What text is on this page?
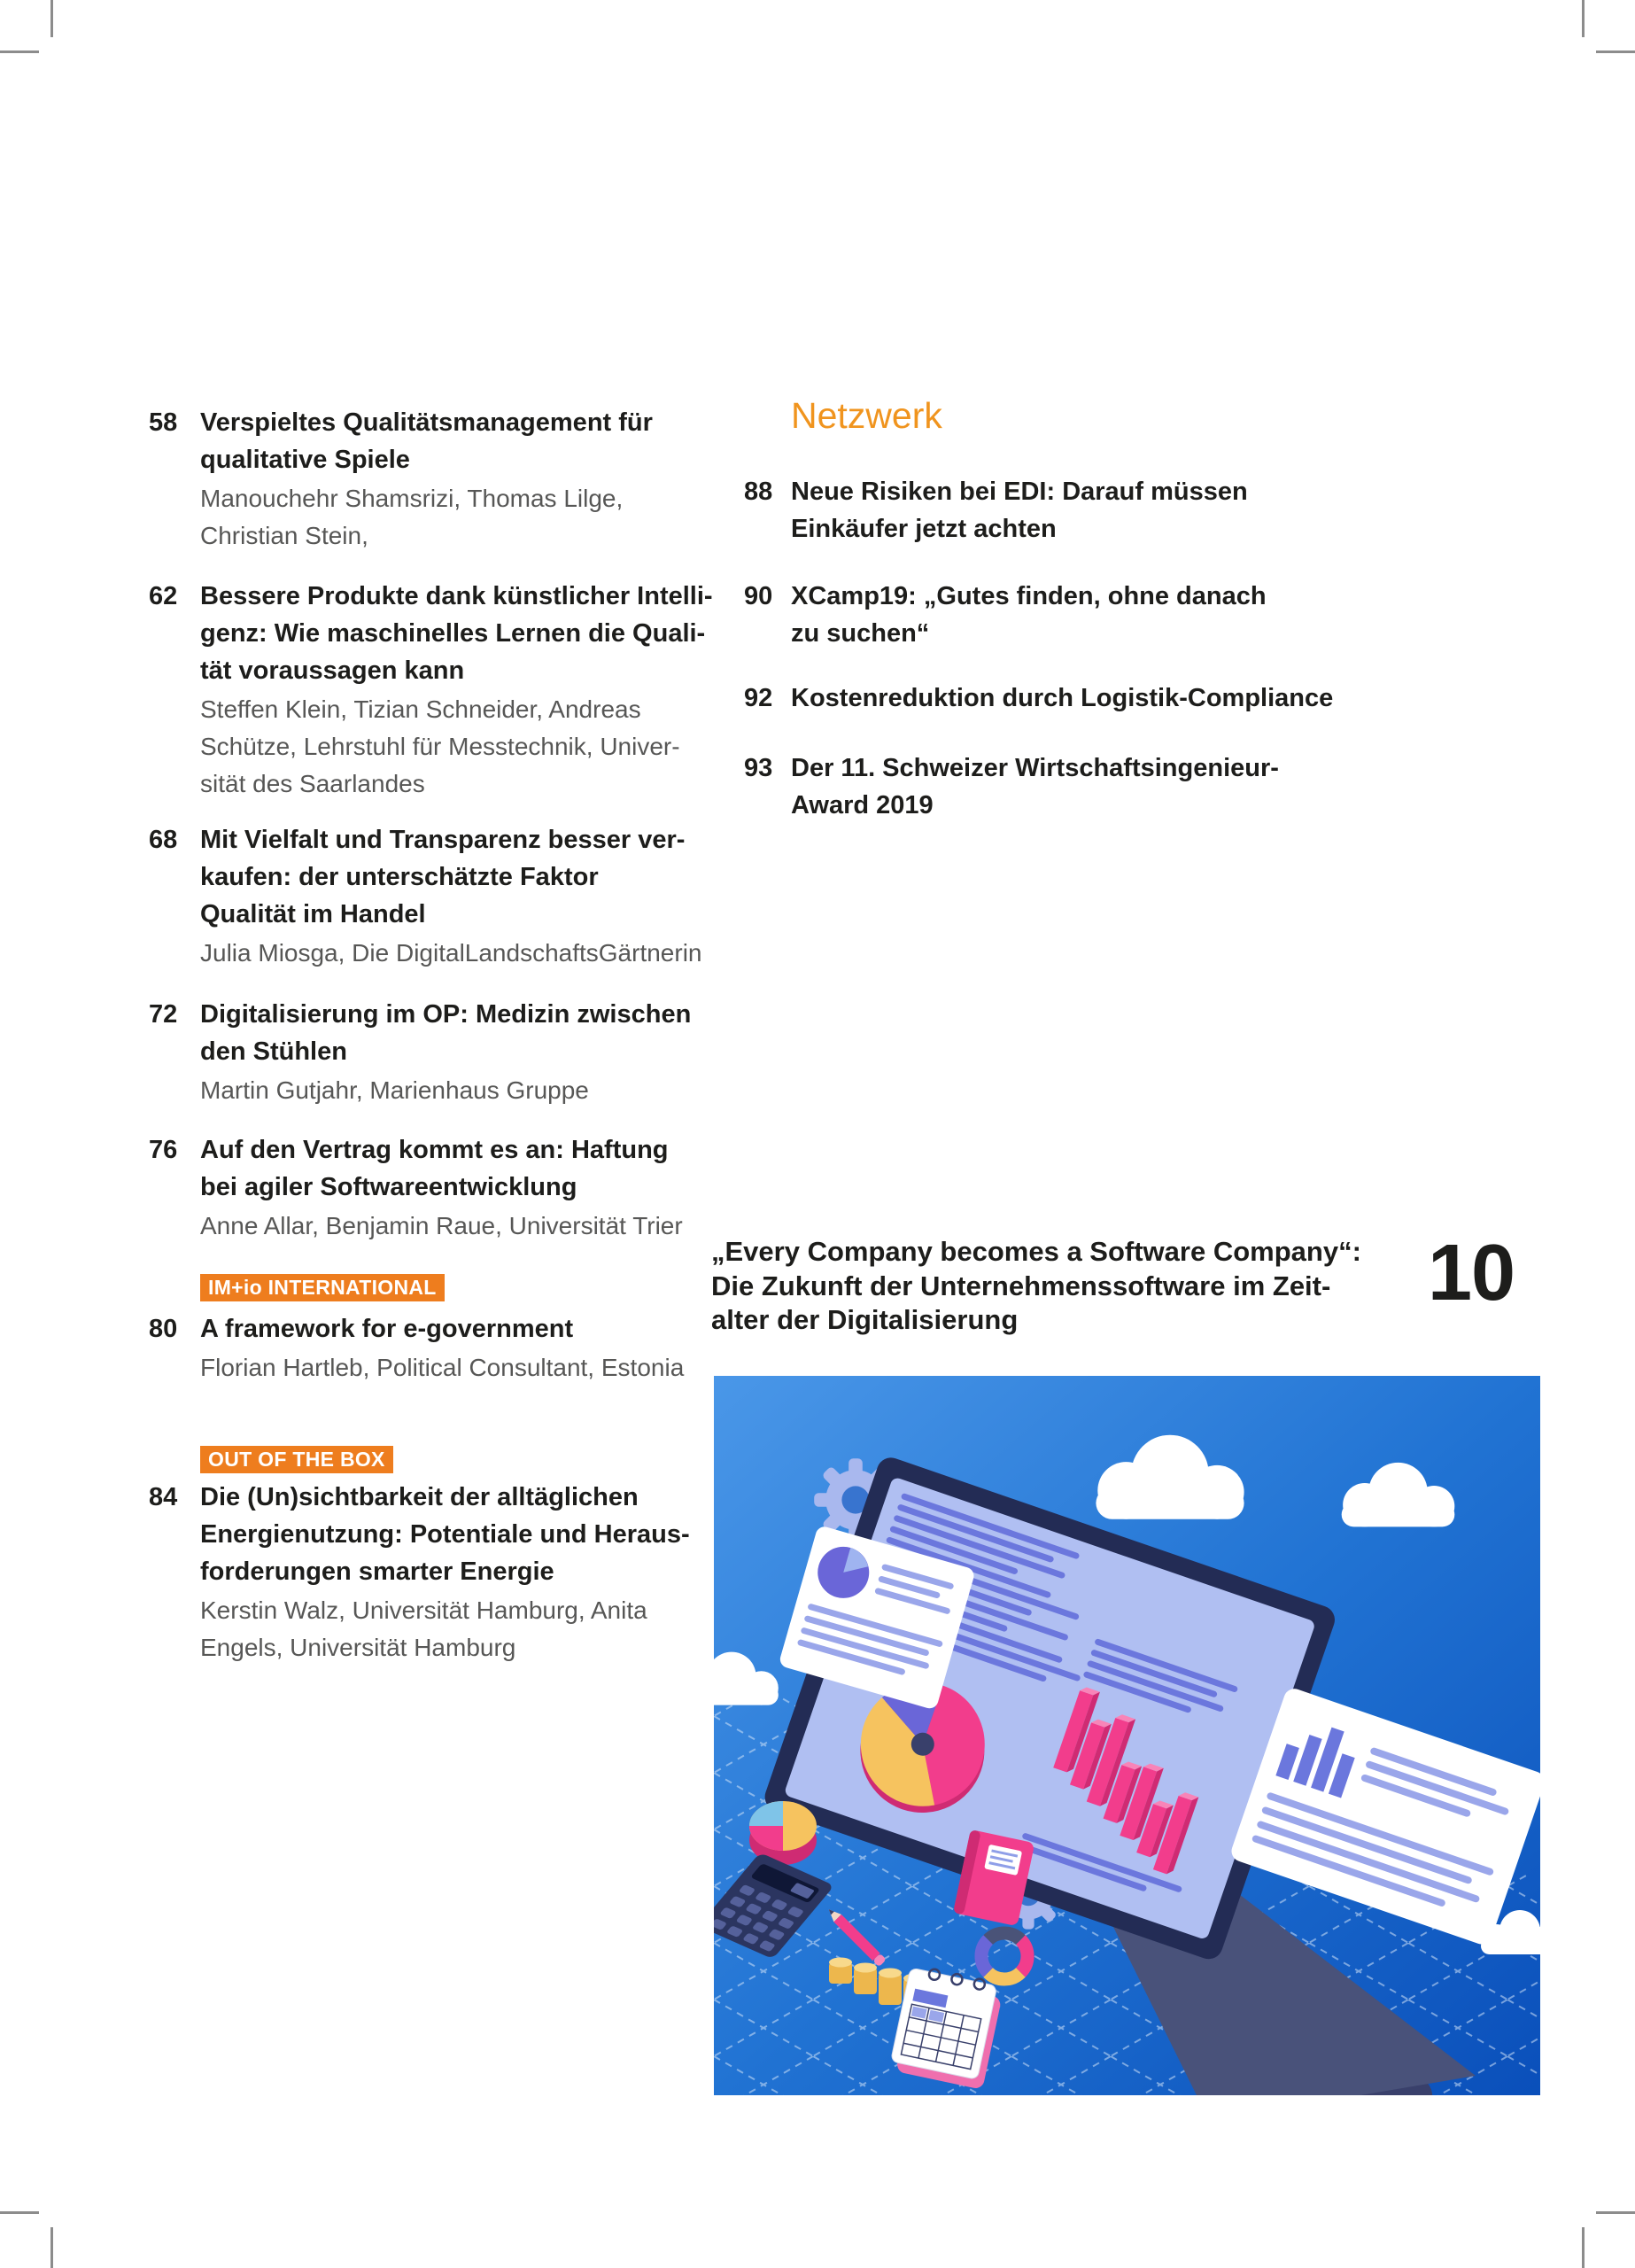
58 Verspieltes Qualitätsmanagement für
qualitative Spiele
Manouchehr Shamsrizi, Thomas Lilge,
Christian Stein,
62 Bessere Produkte dank künstlicher Intelli-
genz: Wie maschinelles Lernen die Quali-
tät voraussagen kann
Steffen Klein, Tizian Schneider, Andreas
Schütze, Lehrstuhl für Messtechnik, Univer-
sität des Saarlandes
68 Mit Vielfalt und Transparenz besser ver-
kaufen: der unterschätzte Faktor
Qualität im Handel
Julia Miosga, Die DigitalLandschaftsGärtnerin
72 Digitalisierung im OP: Medizin zwischen
den Stühlen
Martin Gutjahr, Marienhaus Gruppe
76 Auf den Vertrag kommt es an: Haftung
bei agiler Softwareentwicklung
Anne Allar, Benjamin Raue, Universität Trier
IM+io INTERNATIONAL
80 A framework for e-government
Florian Hartleb, Political Consultant, Estonia
OUT OF THE BOX
84 Die (Un)sichtbarkeit der alltäglichen
Energienutzung: Potentiale und Heraus-
forderungen smarter Energie
Kerstin Walz, Universität Hamburg, Anita
Engels, Universität Hamburg
Netzwerk
88 Neue Risiken bei EDI: Darauf müssen
Einkäufer jetzt achten
90 XCamp19: „Gutes finden, ohne danach
zu suchen“
92 Kostenreduktion durch Logistik-Compliance
93 Der 11. Schweizer Wirtschaftsingenieur-
Award 2019
„Every Company becomes a Software Company“:
Die Zukunft der Unternehmenssoftware im Zeit-
alter der Digitalisierung
10
